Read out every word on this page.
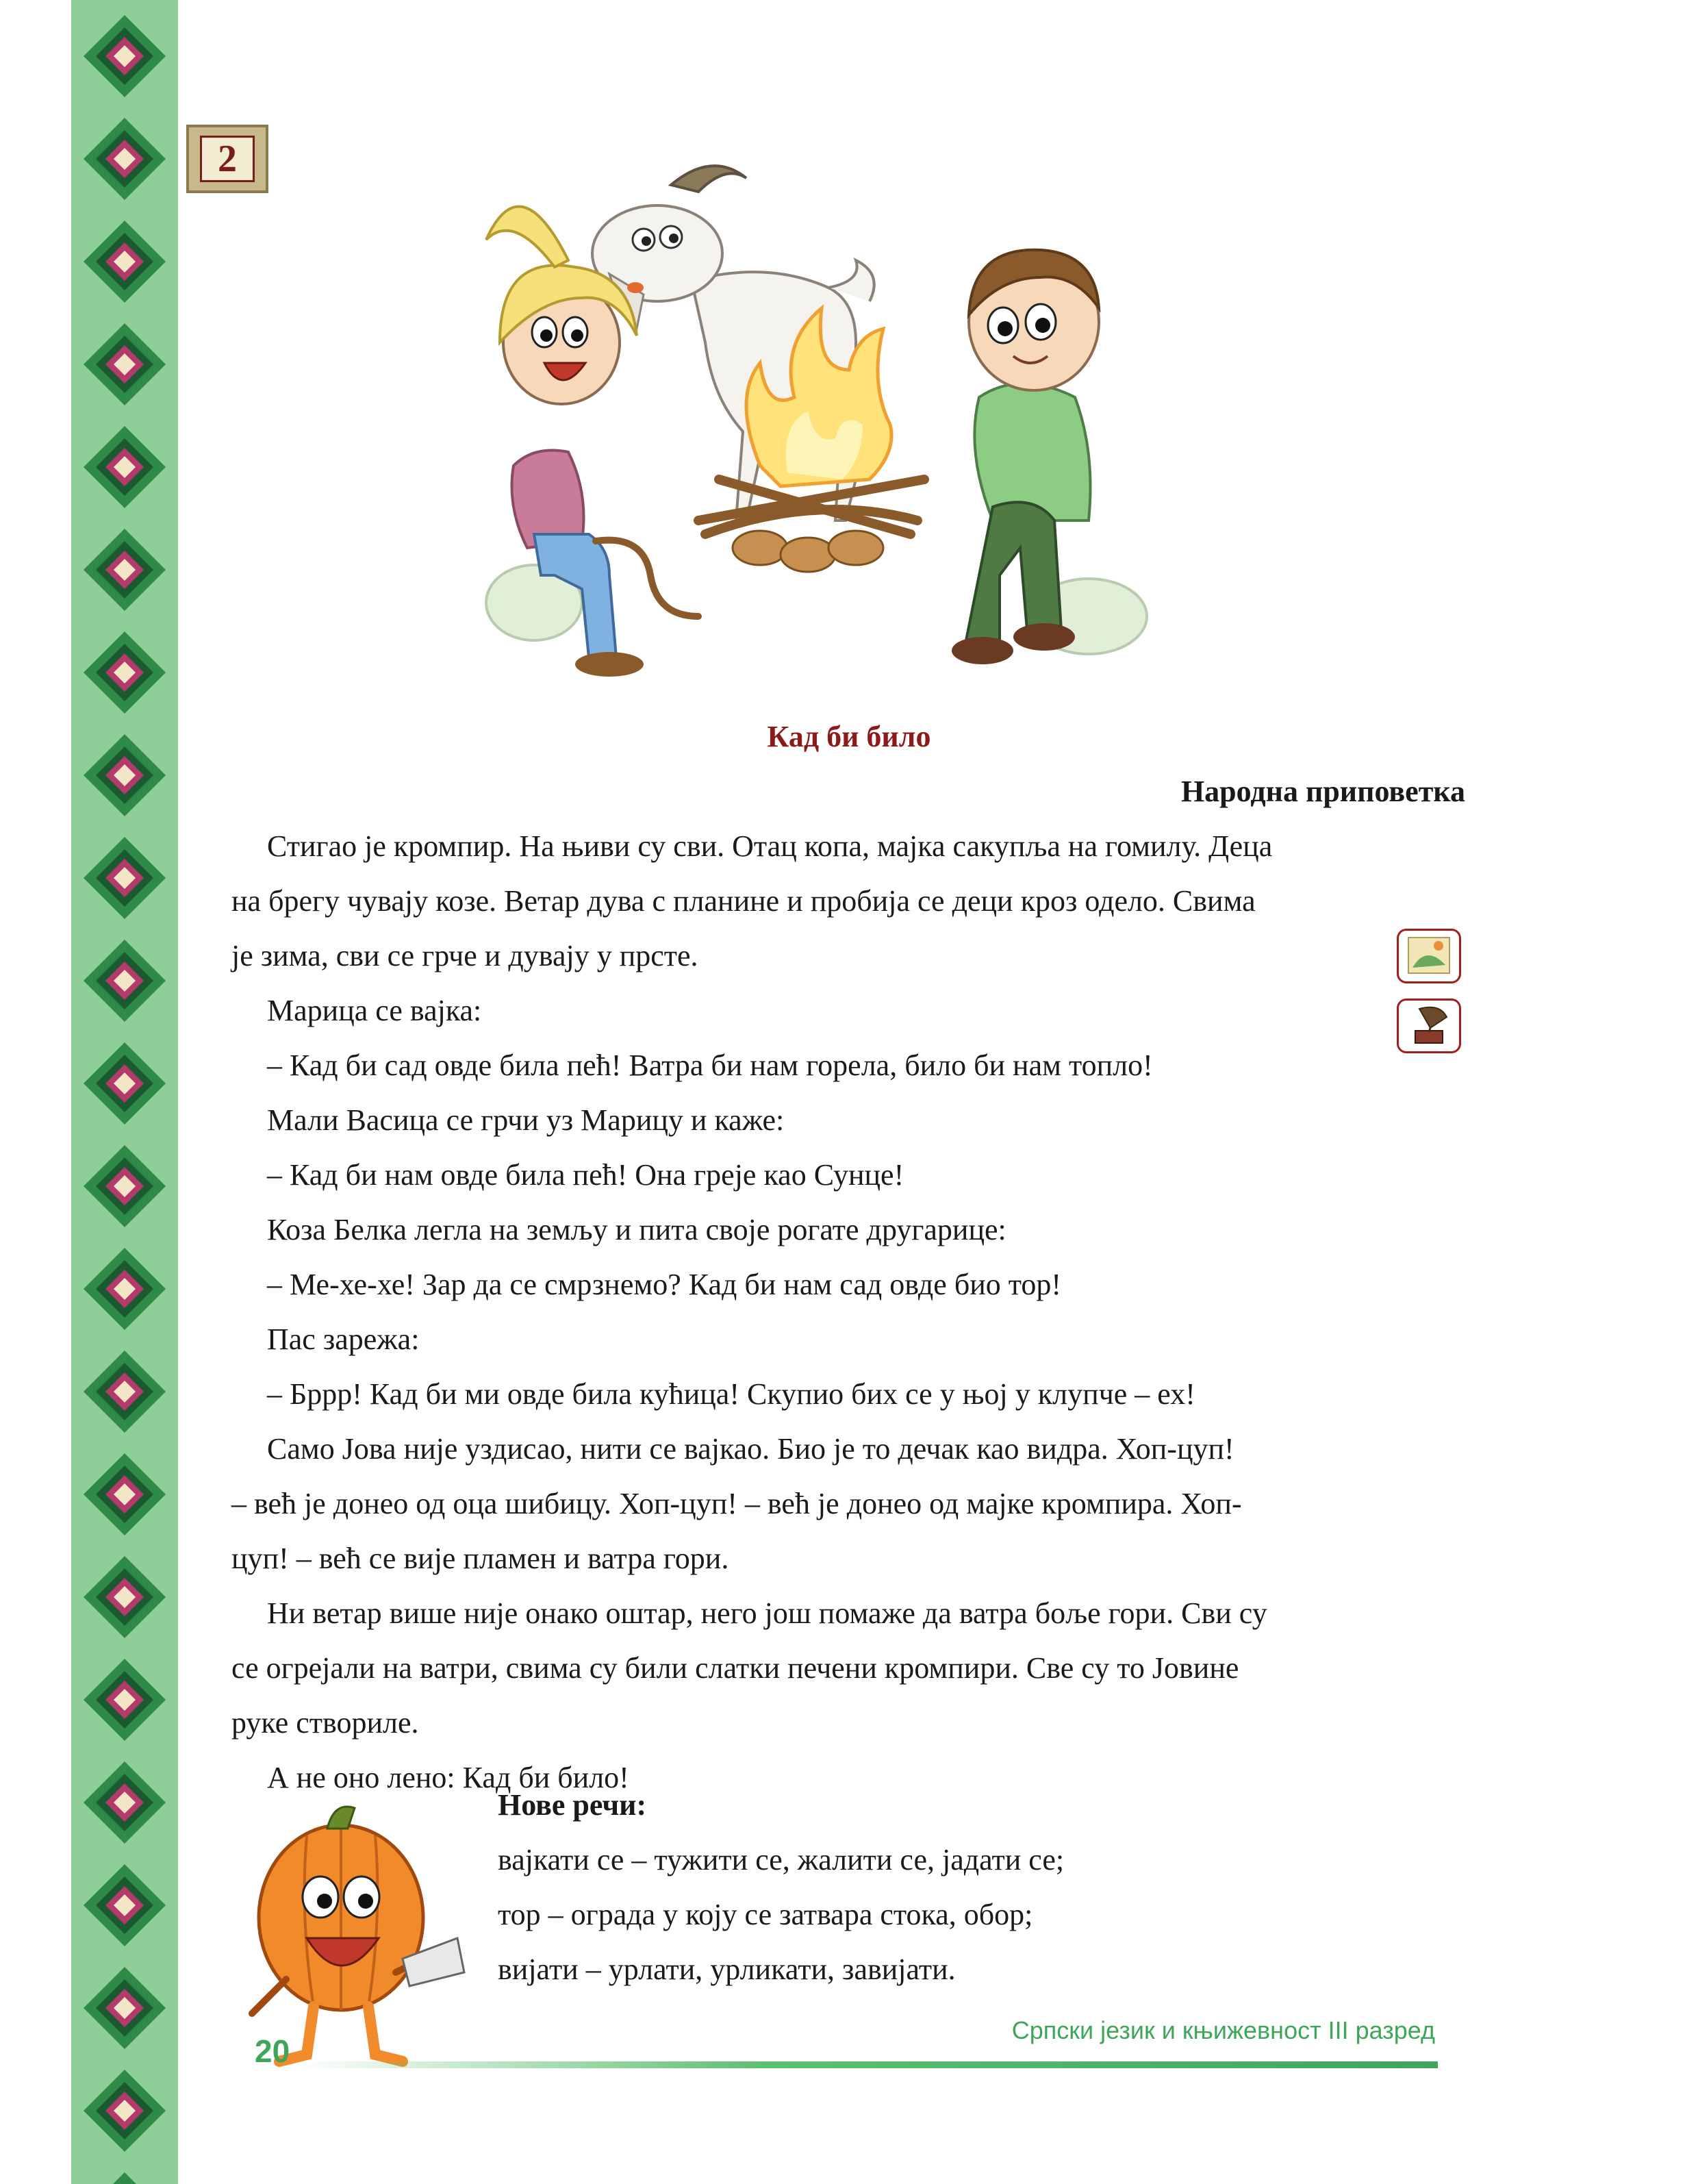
2
Кад би било
Народна приповетка
Стигао је кромпир. На њиви су сви. Отац копа, мајка сакупља на гомилу. Деца
на брегу чувају козе. Ветар дува с планине и пробија се деци кроз одело. Свима
је зима, сви се грче и дувају у прсте.
Марица се вајка:
– Кад би сад овде била пећ! Ватра би нам горела, било би нам топло!
Мали Васица се грчи уз Марицу и каже:
– Кад би нам овде била пећ! Она греје као Сунце!
Коза Белка легла на земљу и пита своје рогате другарице:
– Ме-хе-хе! Зар да се смрзнемо? Кад би нам сад овде био тор!
Пас зарежа:
– Бррр! Кад би ми овде била кућица! Скупио бих се у њој у клупче – ех!
Само Јова није уздисао, нити се вајкао. Био је то дечак као видра. Хоп-цуп!
– већ је донео од оца шибицу. Хоп-цуп! – већ је донео од мајке кромпира. Хоп-
цуп! – већ се вије пламен и ватра гори.
Ни ветар више није онако оштар, него још помаже да ватра боље гори. Сви су
се огрејали на ватри, свима су били слатки печени кромпири. Све су то Јовине
руке створиле.
А не оно лено: Кад би било!
Нове речи:
вајкати се – тужити се, жалити се, јадати се;
тор – ограда у коју се затвара стока, обор;
вијати – урлати, урликати, завијати.
20
Српски језик и књижевност III разред
